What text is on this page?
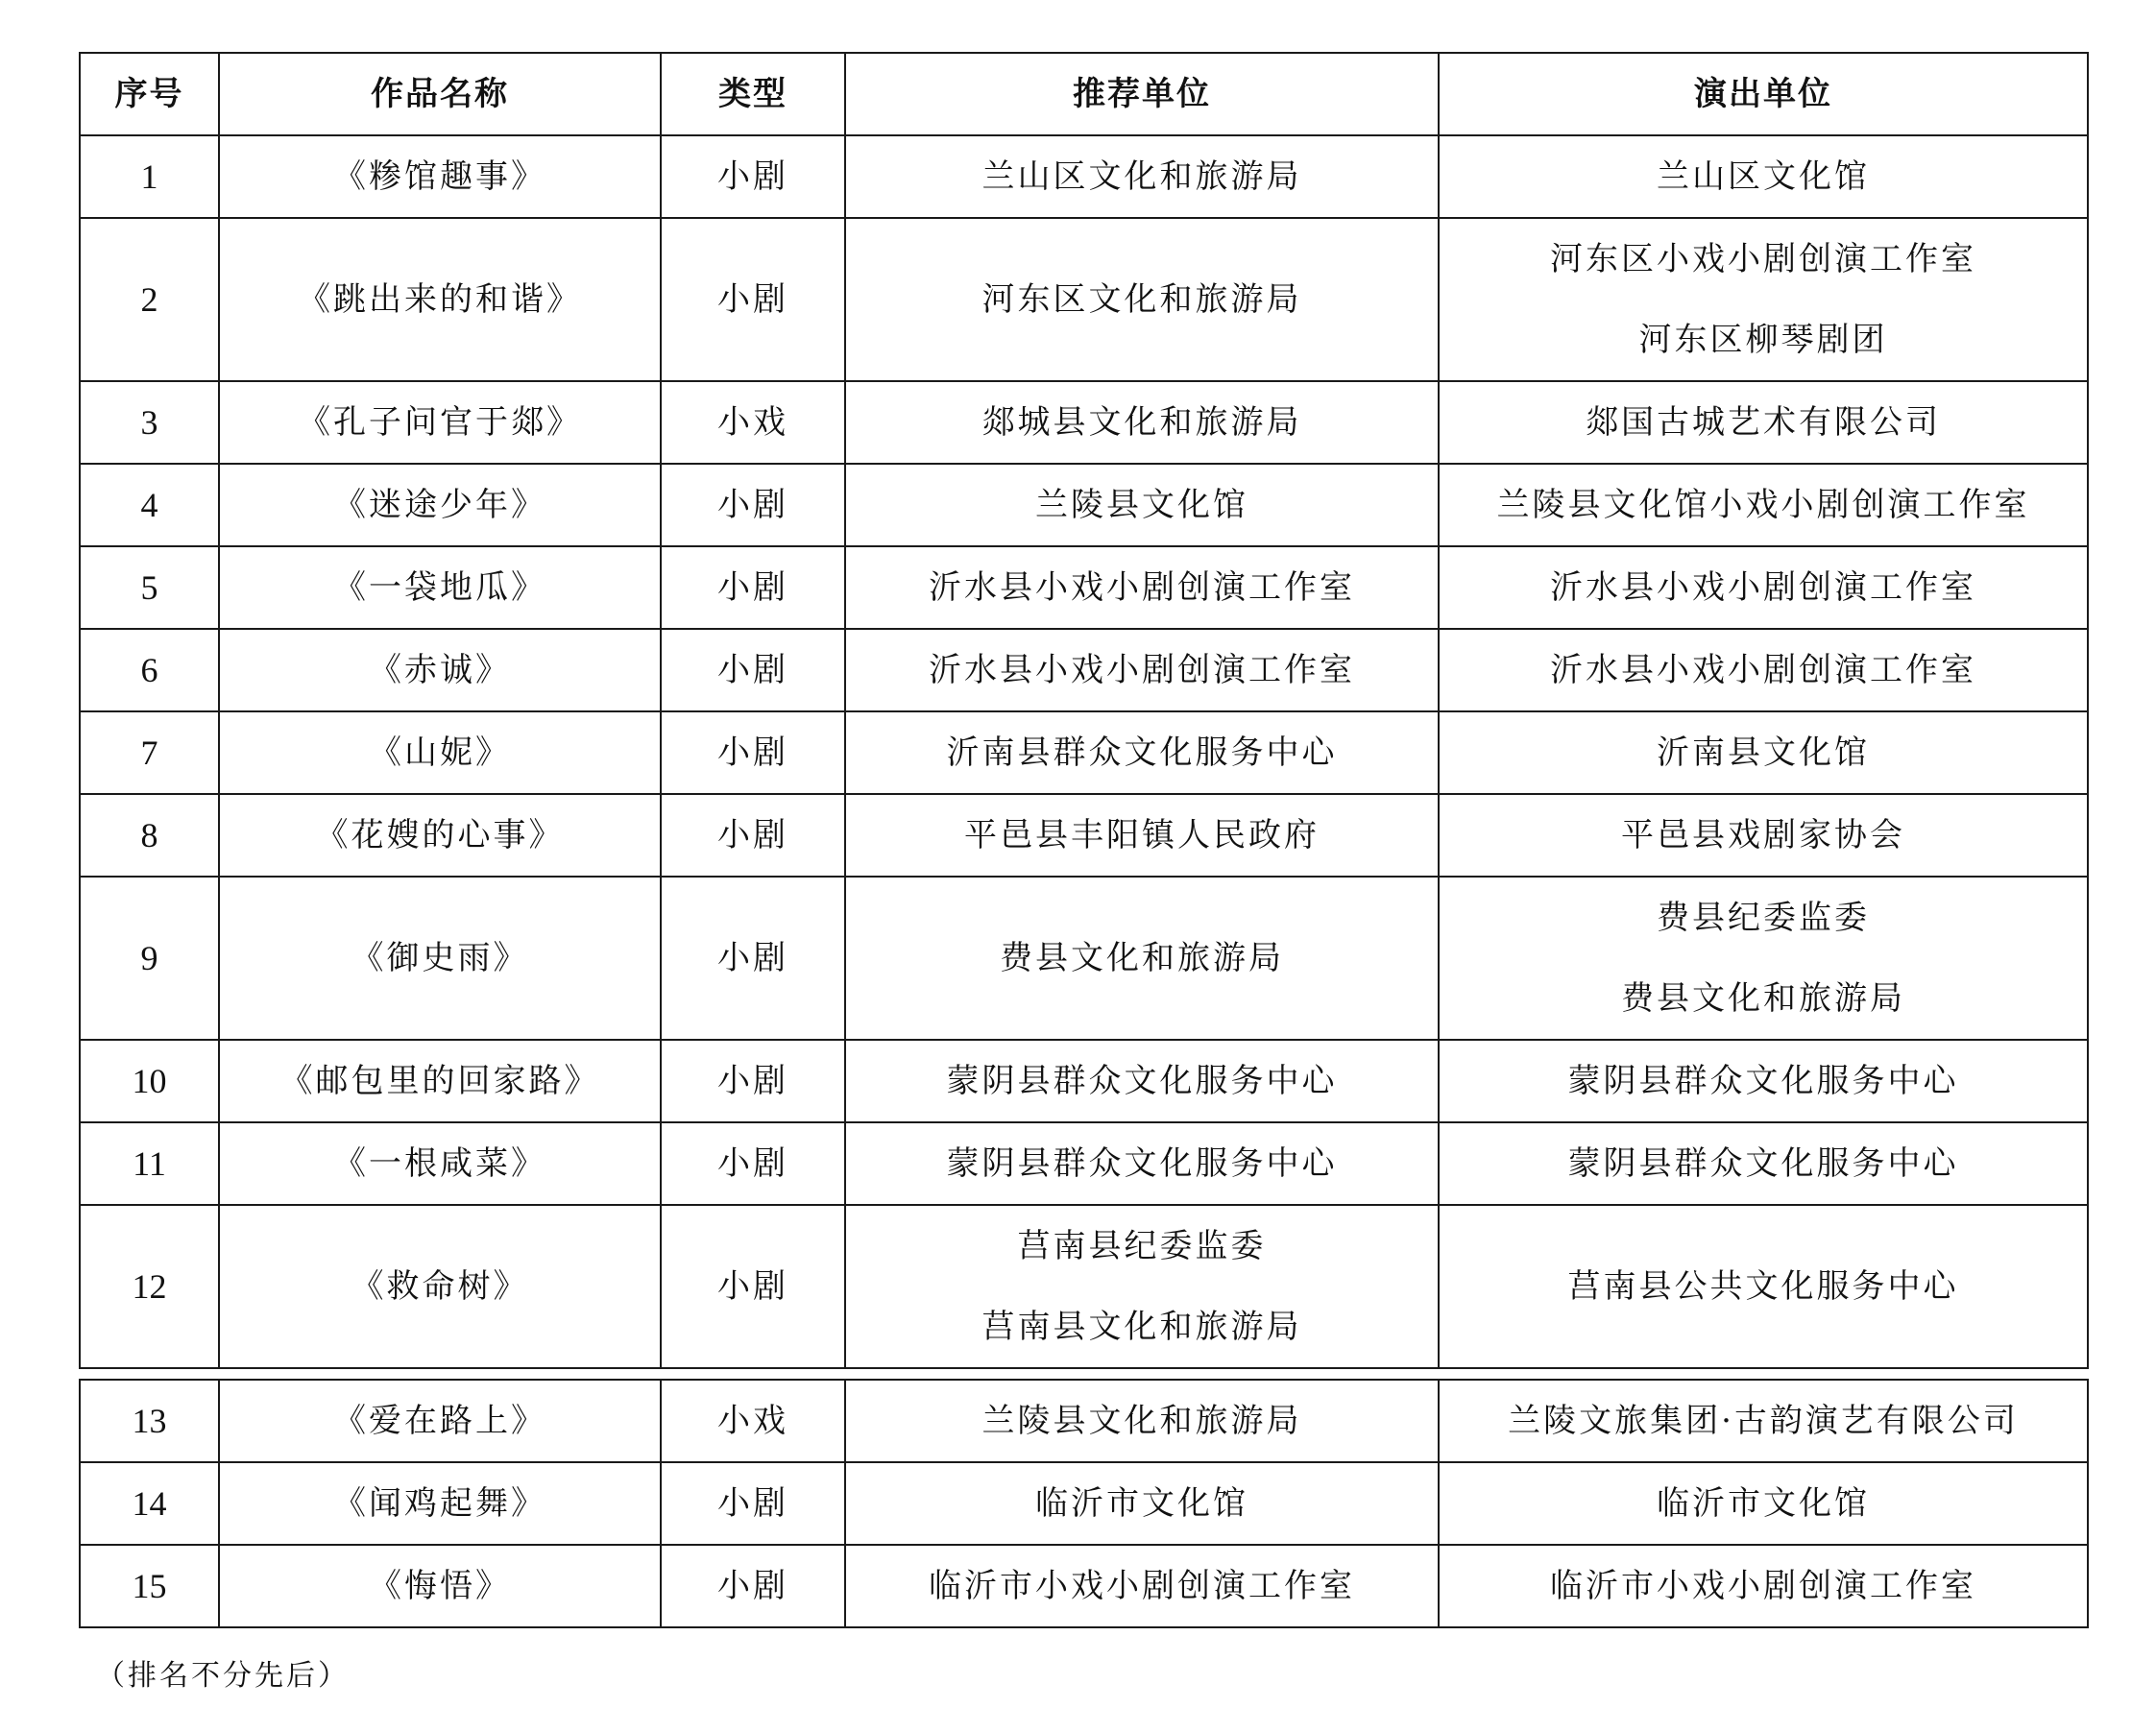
序号	作品名称	类型	推荐单位	演出单位
1	《糁馆趣事》	小剧	兰山区文化和旅游局	兰山区文化馆
2	《跳出来的和谐》	小剧	河东区文化和旅游局	河东区小戏小剧创演工作室
河东区柳琴剧团

3	《孔子问官于郯》	小戏	郯城县文化和旅游局	郯国古城艺术有限公司
4	《迷途少年》	小剧	兰陵县文化馆	兰陵县文化馆小戏小剧创演工作室
5	《一袋地瓜》	小剧	沂水县小戏小剧创演工作室	沂水县小戏小剧创演工作室
6	《赤诚》	小剧	沂水县小戏小剧创演工作室	沂水县小戏小剧创演工作室
7	《山妮》	小剧	沂南县群众文化服务中心	沂南县文化馆
8	《花嫂的心事》	小剧	平邑县丰阳镇人民政府	平邑县戏剧家协会
9	《御史雨》	小剧	费县文化和旅游局	费县纪委监委
费县文化和旅游局

10	《邮包里的回家路》	小剧	蒙阴县群众文化服务中心	蒙阴县群众文化服务中心
11	《一根咸菜》	小剧	蒙阴县群众文化服务中心	蒙阴县群众文化服务中心
12	《救命树》	小剧	莒南县纪委监委
莒南县文化和旅游局	莒南县公共文化服务中心
13	《爱在路上》	小戏	兰陵县文化和旅游局	兰陵文旅集团·古韵演艺有限公司
14	《闻鸡起舞》	小剧	临沂市文化馆	临沂市文化馆
15	《悔悟》	小剧	临沂市小戏小剧创演工作室	临沂市小戏小剧创演工作室
（排名不分先后）
